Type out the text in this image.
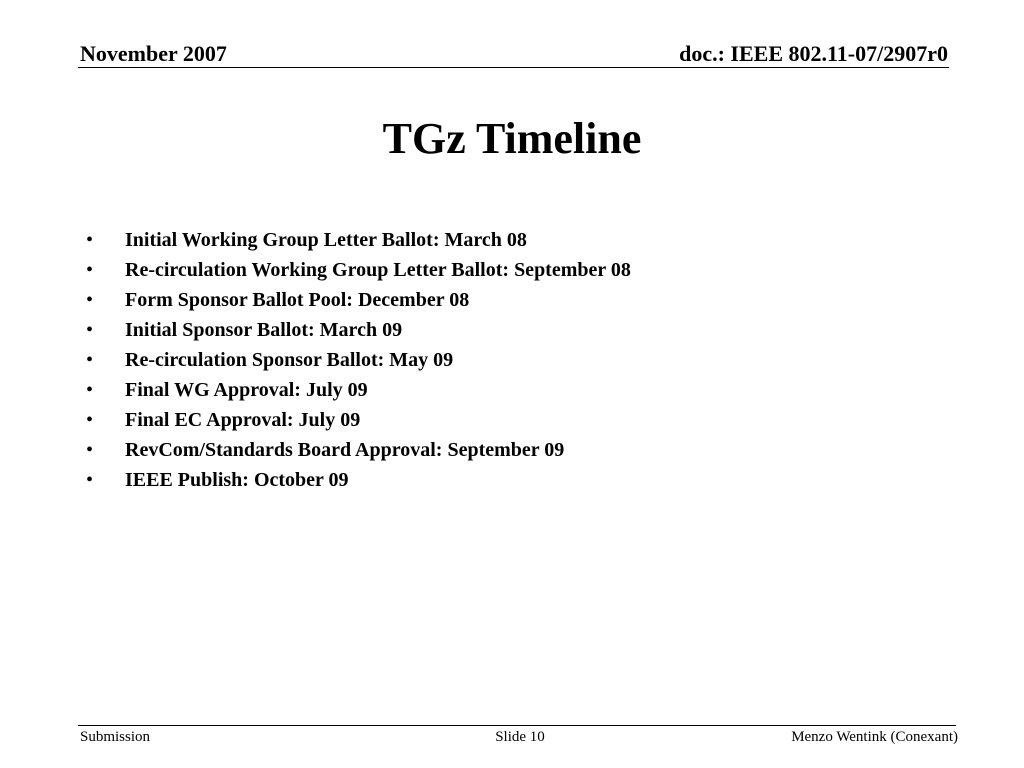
November 2007	doc.: IEEE 802.11-07/2907r0
TGz Timeline
•	Initial Working Group Letter Ballot: March 08
•	Re-circulation Working Group Letter Ballot: September 08
•	Form Sponsor Ballot Pool: December 08
•	Initial Sponsor Ballot: March 09
•	Re-circulation Sponsor Ballot: May 09
•	Final WG Approval: July 09
•	Final EC Approval: July 09
•	RevCom/Standards Board Approval: September 09
•	IEEE Publish: October 09
Submission	Slide 10	Menzo Wentink (Conexant)
